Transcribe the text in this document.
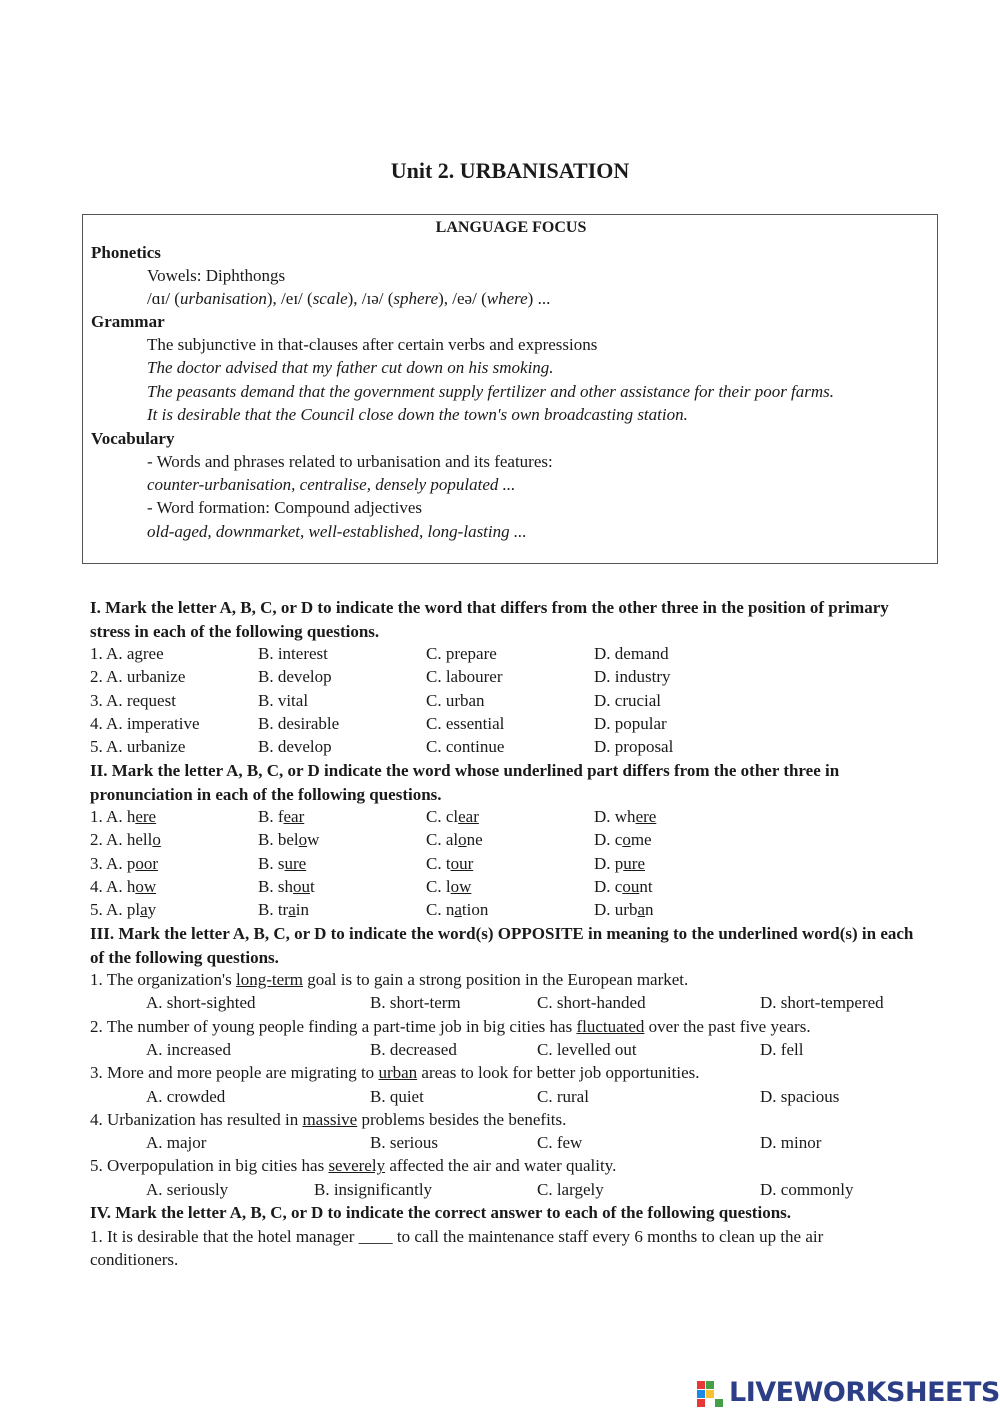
Unit 2. URBANISATION
LANGUAGE FOCUS
Phonetics
Vowels: Diphthongs
/ɑɪ/ (urbanisation), /eɪ/ (scale), /ɪə/ (sphere), /eə/ (where) ...
Grammar
The subjunctive in that-clauses after certain verbs and expressions
The doctor advised that my father cut down on his smoking.
The peasants demand that the government supply fertilizer and other assistance for their poor farms.
It is desirable that the Council close down the town's own broadcasting station.
Vocabulary
- Words and phrases related to urbanisation and its features:
counter-urbanisation, centralise, densely populated ...
- Word formation: Compound adjectives
old-aged, downmarket, well-established, long-lasting ...
I. Mark the letter A, B, C, or D to indicate the word that differs from the other three in the position of primary stress in each of the following questions.
1. A. agree	B. interest	C. prepare	D. demand
2. A. urbanize	B. develop	C. labourer	D. industry
3. A. request	B. vital	C. urban	D. crucial
4. A. imperative	B. desirable	C. essential	D. popular
5. A. urbanize	B. develop	C. continue	D. proposal
II. Mark the letter A, B, C, or D indicate the word whose underlined part differs from the other three in pronunciation in each of the following questions.
1. A. here	B. fear	C. clear	D. where
2. A. hello	B. below	C. alone	D. come
3. A. poor	B. sure	C. tour	D. pure
4. A. how	B. shout	C. low	D. count
5. A. play	B. train	C. nation	D. urban
III. Mark the letter A, B, C, or D to indicate the word(s) OPPOSITE in meaning to the underlined word(s) in each of the following questions.
1. The organization's long-term goal is to gain a strong position in the European market.
A. short-sighted	B. short-term	C. short-handed	D. short-tempered
2. The number of young people finding a part-time job in big cities has fluctuated over the past five years.
A. increased	B. decreased	C. levelled out	D. fell
3. More and more people are migrating to urban areas to look for better job opportunities.
A. crowded	B. quiet	C. rural	D. spacious
4. Urbanization has resulted in massive problems besides the benefits.
A. major	B. serious	C. few	D. minor
5. Overpopulation in big cities has severely affected the air and water quality.
A. seriously	B. insignificantly	C. largely	D. commonly
IV. Mark the letter A, B, C, or D to indicate the correct answer to each of the following questions.
1. It is desirable that the hotel manager ____ to call the maintenance staff every 6 months to clean up the air
conditioners.
LIVEWORKSHEETS
